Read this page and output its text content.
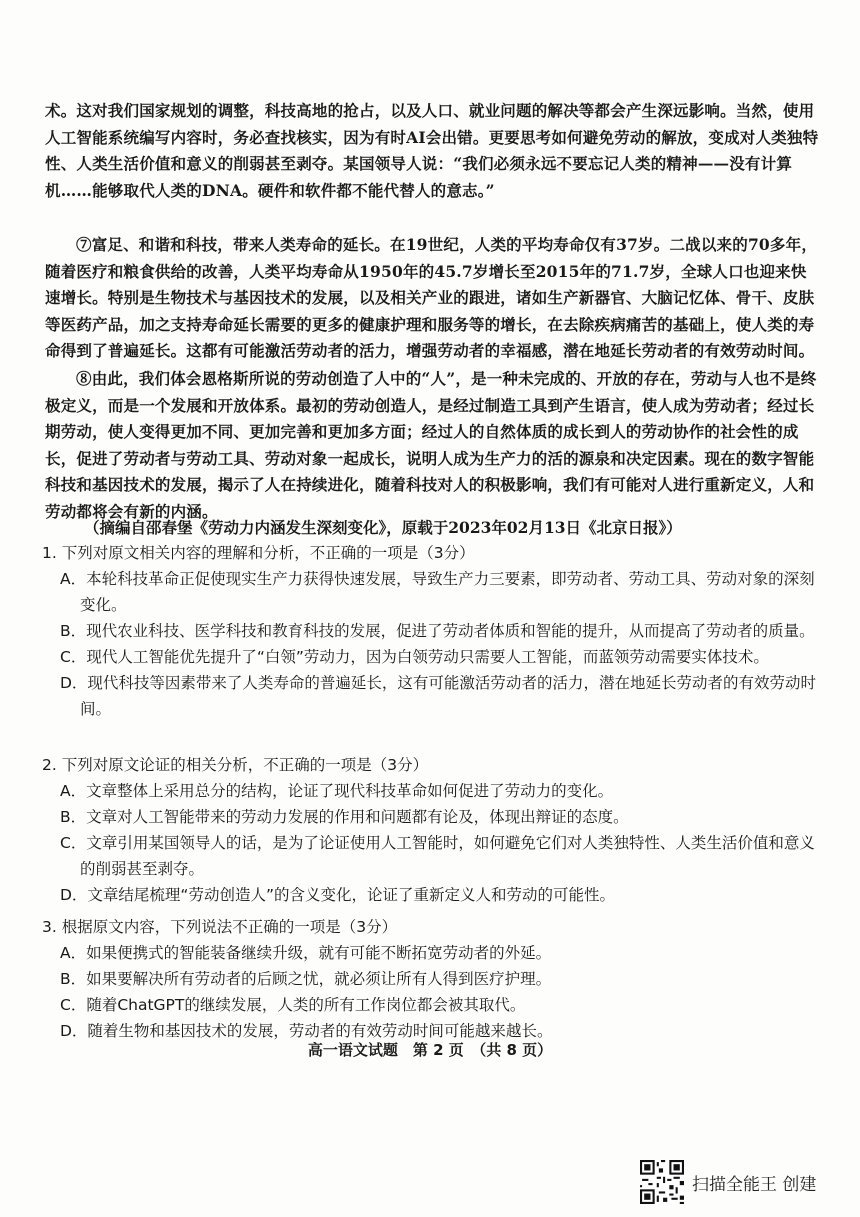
术。这对我们国家规划的调整，科技高地的抢占，以及人口、就业问题的解决等都会产生深远影响。当然，使用人工智能系统编写内容时，务必查找核实，因为有时AI会出错。更要思考如何避免劳动的解放，变成对人类独特性、人类生活价值和意义的削弱甚至剥夺。某国领导人说：“我们必须永远不要忘记人类的精神——没有计算机……能够取代人类的DNA。硬件和软件都不能代替人的意志。”

⑦富足、和谐和科技，带来人类寿命的延长。在19世纪，人类的平均寿命仅有37岁。二战以来的70多年，随着医疗和粮食供给的改善，人类平均寿命从1950年的45.7岁增长至2015年的71.7岁，全球人口也迎来快速增长。特别是生物技术与基因技术的发展，以及相关产业的跟进，诸如生产新器官、大脑记忆体、骨干、皮肤等医药产品，加之支持寿命延长需要的更多的健康护理和服务等的增长，在去除疾病痛苦的基础上，使人类的寿命得到了普遍延长。这都有可能激活劳动者的活力，增强劳动者的幸福感，潜在地延长劳动者的有效劳动时间。

⑧由此，我们体会恩格斯所说的劳动创造了人中的“人”，是一种未完成的、开放的存在，劳动与人也不是终极定义，而是一个发展和开放体系。最初的劳动创造人，是经过制造工具到产生语言，使人成为劳动者；经过长期劳动，使人变得更加不同、更加完善和更加多方面；经过人的自然体质的成长到人的劳动协作的社会性的成长，促进了劳动者与劳动工具、劳动对象一起成长，说明人成为生产力的活的源泉和决定因素。现在的数字智能科技和基因技术的发展，揭示了人在持续进化，随着科技对人的积极影响，我们有可能对人进行重新定义，人和劳动都将会有新的内涵。

（摘编自邵春堡《劳动力内涵发生深刻变化》，原载于2023年02月13日《北京日报》）
1. 下列对原文相关内容的理解和分析，不正确的一项是（3分）
A．本轮科技革命正促使现实生产力获得快速发展，导致生产力三要素，即劳动者、劳动工具、劳动对象的深刻变化。
B．现代农业科技、医学科技和教育科技的发展，促进了劳动者体质和智能的提升，从而提高了劳动者的质量。
C．现代人工智能优先提升了“白领”劳动力，因为白领劳动只需要人工智能，而蓝领劳动需要实体技术。
D．现代科技等因素带来了人类寿命的普遍延长，这有可能激活劳动者的活力，潜在地延长劳动者的有效劳动时间。
2. 下列对原文论证的相关分析，不正确的一项是（3分）
A．文章整体上采用总分的结构，论证了现代科技革命如何促进了劳动力的变化。
B．文章对人工智能带来的劳动力发展的作用和问题都有论及，体现出辩证的态度。
C．文章引用某国领导人的话，是为了论证使用人工智能时，如何避免它们对人类独特性、人类生活价值和意义的削弱甚至剥夺。
D．文章结尾梳理“劳动创造人”的含义变化，论证了重新定义人和劳动的可能性。
3. 根据原文内容，下列说法不正确的一项是（3分）
A．如果便携式的智能装备继续升级，就有可能不断拓宽劳动者的外延。
B．如果要解决所有劳动者的后顾之忧，就必须让所有人得到医疗护理。
C．随着ChatGPT的继续发展，人类的所有工作岗位都会被其取代。
D．随着生物和基因技术的发展，劳动者的有效劳动时间可能越来越长。
高一语文试题　第 2 页　（共 8 页）
扫描全能王 创建
